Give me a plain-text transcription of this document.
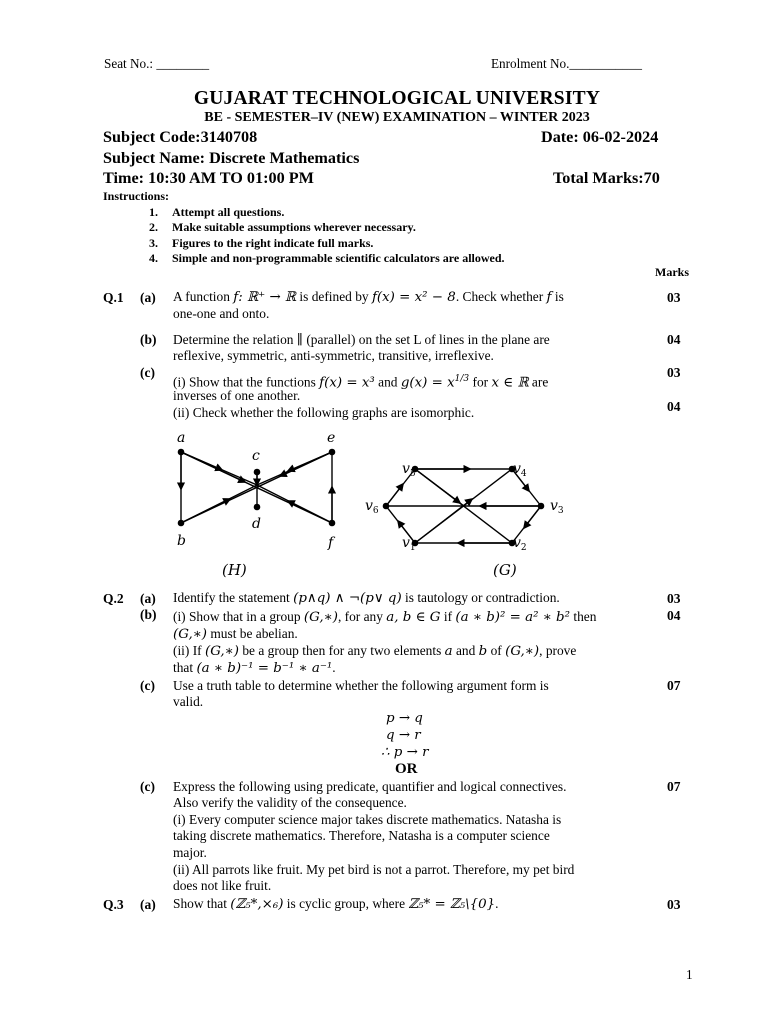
Seat No.: ________	Enrolment No.___________
GUJARAT TECHNOLOGICAL UNIVERSITY
BE - SEMESTER–IV (NEW) EXAMINATION – WINTER 2023
Subject Code:3140708	Date: 06-02-2024
Subject Name: Discrete Mathematics
Time: 10:30 AM TO 01:00 PM	Total Marks:70
Instructions:
1. Attempt all questions.
2. Make suitable assumptions wherever necessary.
3. Figures to the right indicate full marks.
4. Simple and non-programmable scientific calculators are allowed.
Marks
Q.1 (a) A function f: ℝ⁺ → ℝ is defined by f(x) = x² − 8. Check whether f is
one-one and onto.
03
(b) Determine the relation ∥ (parallel) on the set L of lines in the plane are
reflexive, symmetric, anti-symmetric, transitive, irreflexive.
04
(c)
(i) Show that the functions f(x) = x³ and $g(x) = x^{1/3}$ for x ∈ ℝ are
inverses of one another.
(ii) Check whether the following graphs are isomorphic.
03
04
a
b
c
d
e
f
(H)
$v_5$	$v_4$
$v_6$	$v_3$
$v_1$	$v_2$
(G)
Q.2 (a) Identify the statement (p∧q) ∧ ¬(p∨ q) is tautology or contradiction.	03
(b) (i) Show that in a group (G,∗), for any a, b ∈ G if (a ∗ b)² = a² ∗ b² then
(G,∗) must be abelian.
(ii) If (G,∗) be a group then for any two elements a and b of (G,∗), prove
that (a ∗ b)⁻¹ = b⁻¹ ∗ a⁻¹.
04
(c) Use a truth table to determine whether the following argument form is
valid.
07
p → q
q → r
∴ p → r
OR
(c) Express the following using predicate, quantifier and logical connectives.
Also verify the validity of the consequence.
(i) Every computer science major takes discrete mathematics. Natasha is
taking discrete mathematics. Therefore, Natasha is a computer science
major.
(ii) All parrots like fruit. My pet bird is not a parrot. Therefore, my pet bird
does not like fruit.
07
Q.3 (a) Show that (ℤ₅*,×₆) is cyclic group, where ℤ₅* = ℤ₅\{0}.	03
1
